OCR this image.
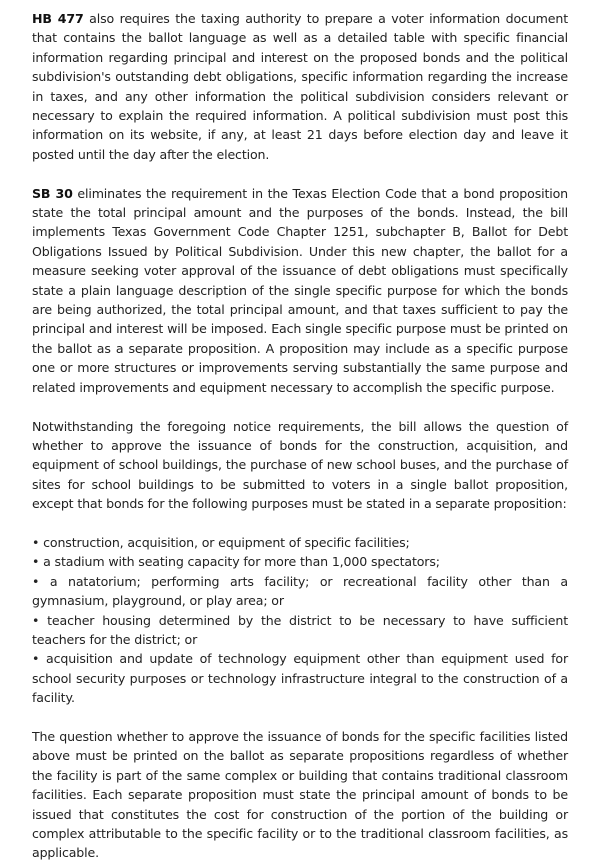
HB 477 also requires the taxing authority to prepare a voter information document that contains the ballot language as well as a detailed table with specific financial information regarding principal and interest on the proposed bonds and the political subdivision's outstanding debt obligations, specific information regarding the increase in taxes, and any other information the political subdivision considers relevant or necessary to explain the required information. A political subdivision must post this information on its website, if any, at least 21 days before election day and leave it posted until the day after the election.

SB 30 eliminates the requirement in the Texas Election Code that a bond proposition state the total principal amount and the purposes of the bonds. Instead, the bill implements Texas Government Code Chapter 1251, subchapter B, Ballot for Debt Obligations Issued by Political Subdivision. Under this new chapter, the ballot for a measure seeking voter approval of the issuance of debt obligations must specifically state a plain language description of the single specific purpose for which the bonds are being authorized, the total principal amount, and that taxes sufficient to pay the principal and interest will be imposed. Each single specific purpose must be printed on the ballot as a separate proposition. A proposition may include as a specific purpose one or more structures or improvements serving substantially the same purpose and related improvements and equipment necessary to accomplish the specific purpose.

Notwithstanding the foregoing notice requirements, the bill allows the question of whether to approve the issuance of bonds for the construction, acquisition, and equipment of school buildings, the purchase of new school buses, and the purchase of sites for school buildings to be submitted to voters in a single ballot proposition, except that bonds for the following purposes must be stated in a separate proposition:

• construction, acquisition, or equipment of specific facilities;

• a stadium with seating capacity for more than 1,000 spectators;

• a natatorium; performing arts facility; or recreational facility other than a gymnasium, playground, or play area; or

• teacher housing determined by the district to be necessary to have sufficient teachers for the district; or

• acquisition and update of technology equipment other than equipment used for school security purposes or technology infrastructure integral to the construction of a facility.

The question whether to approve the issuance of bonds for the specific facilities listed above must be printed on the ballot as separate propositions regardless of whether the facility is part of the same complex or building that contains traditional classroom facilities. Each separate proposition must state the principal amount of bonds to be issued that constitutes the cost for construction of the portion of the building or complex attributable to the specific facility or to the traditional classroom facilities, as applicable.
